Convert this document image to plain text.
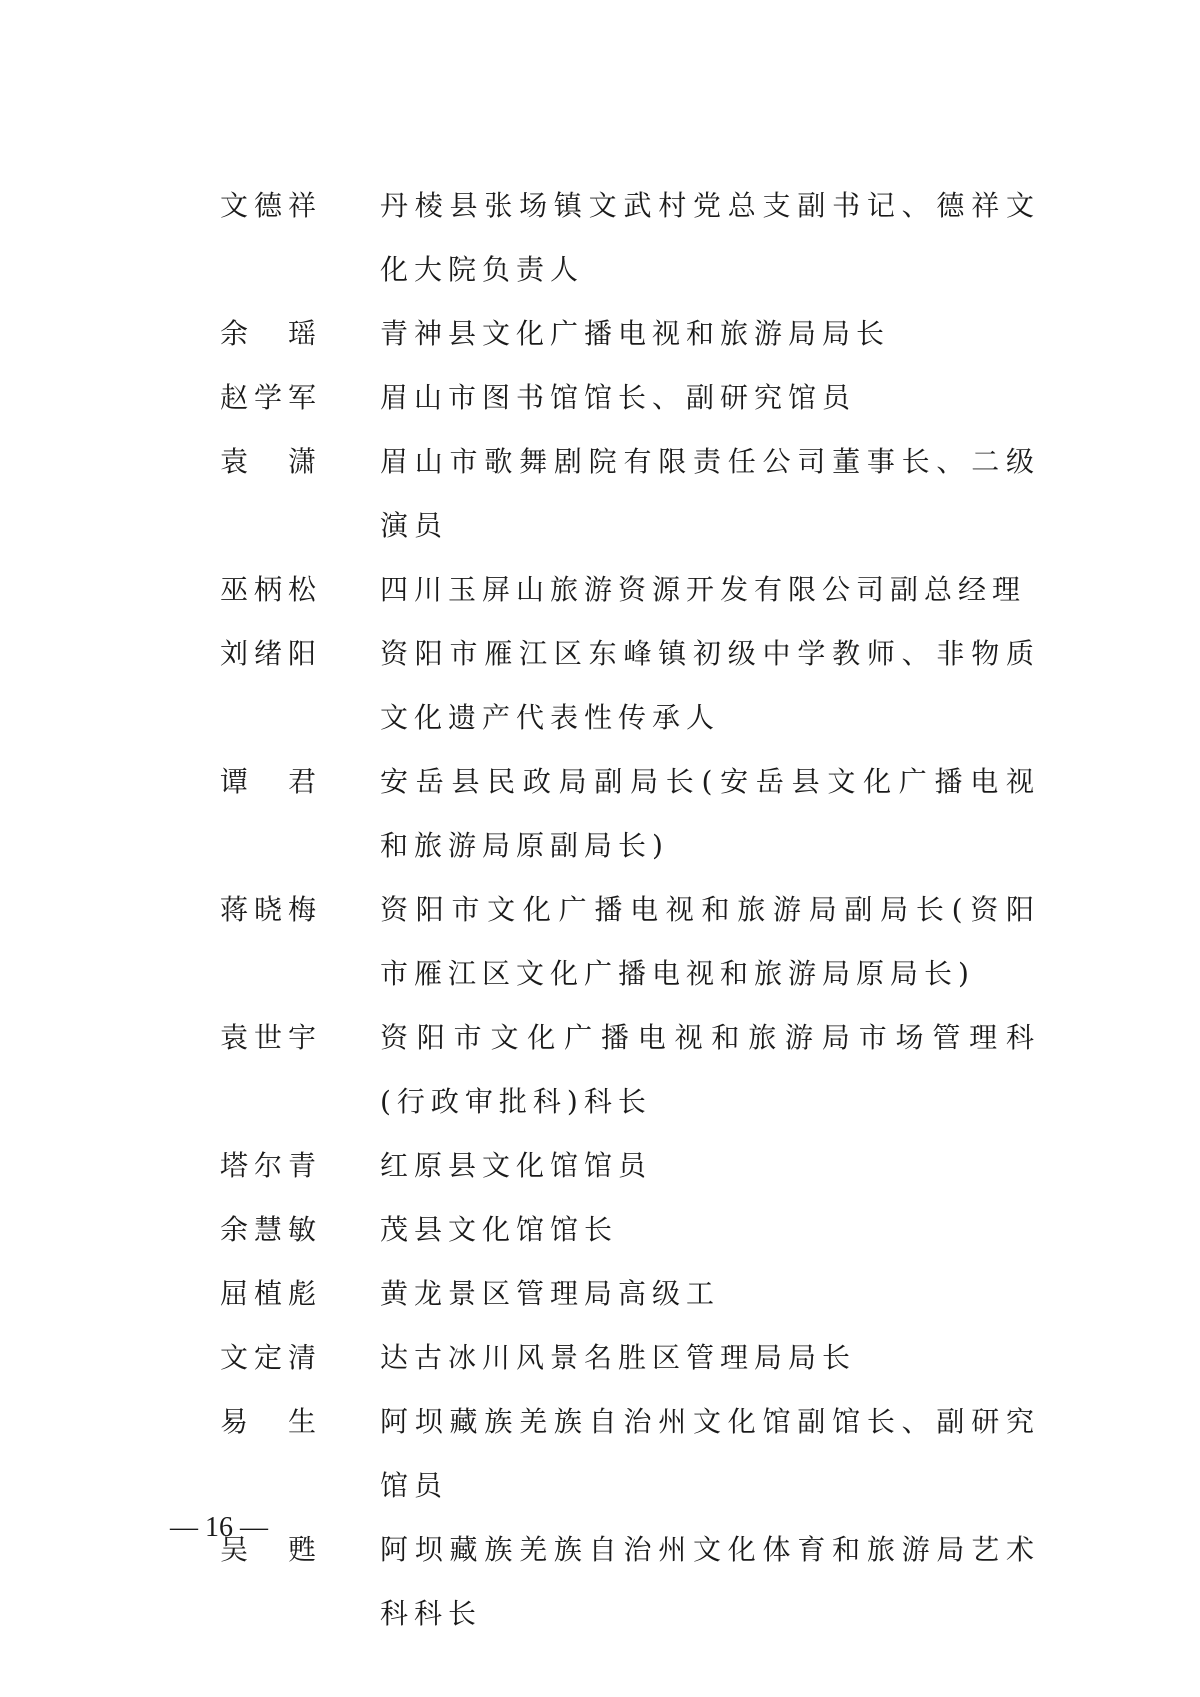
文德祥	丹棱县张场镇文武村党总支副书记、德祥文化大院负责人
余　瑶	青神县文化广播电视和旅游局局长
赵学军	眉山市图书馆馆长、副研究馆员
袁　潇	眉山市歌舞剧院有限责任公司董事长、二级演员
巫柄松	四川玉屏山旅游资源开发有限公司副总经理
刘绪阳	资阳市雁江区东峰镇初级中学教师、非物质文化遗产代表性传承人
谭　君	安岳县民政局副局长(安岳县文化广播电视和旅游局原副局长)
蒋晓梅	资阳市文化广播电视和旅游局副局长(资阳市雁江区文化广播电视和旅游局原局长)
袁世宇	资阳市文化广播电视和旅游局市场管理科(行政审批科)科长
塔尔青	红原县文化馆馆员
余慧敏	茂县文化馆馆长
屈植彪	黄龙景区管理局高级工
文定清	达古冰川风景名胜区管理局局长
易　生	阿坝藏族羌族自治州文化馆副馆长、副研究馆员
吴　甦	阿坝藏族羌族自治州文化体育和旅游局艺术科科长
— 16 —
